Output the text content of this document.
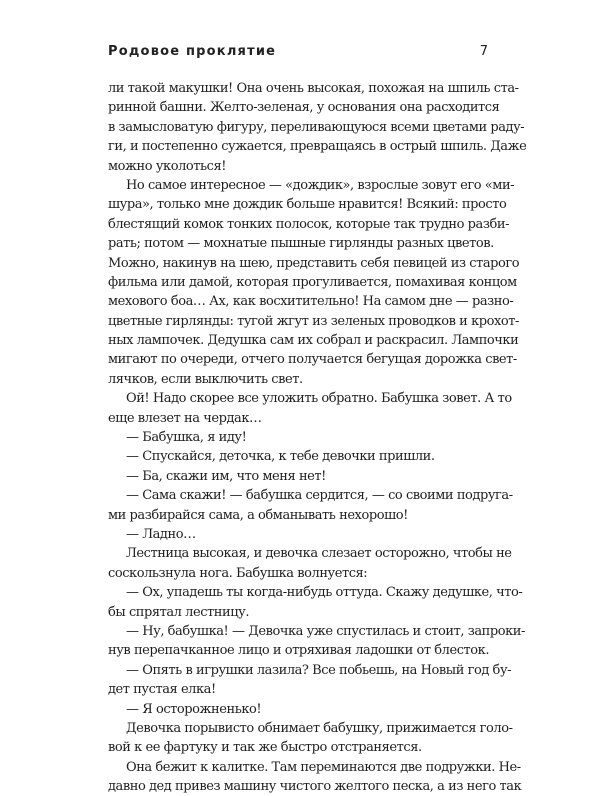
Родовое проклятие	7
ли такой макушки! Она очень высокая, похожая на шпиль ста-
ринной башни. Желто-зеленая, у основания она расходится
в замысловатую фигуру, переливающуюся всеми цветами раду-
ги, и постепенно сужается, превращаясь в острый шпиль. Даже
можно уколоться!
Но самое интересное — «дождик», взрослые зовут его «ми-
шура», только мне дождик больше нравится! Всякий: просто
блестящий комок тонких полосок, которые так трудно разби-
рать; потом — мохнатые пышные гирлянды разных цветов.
Можно, накинув на шею, представить себя певицей из старого
фильма или дамой, которая прогуливается, помахивая концом
мехового боа… Ах, как восхитительно! На самом дне — разно-
цветные гирлянды: тугой жгут из зеленых проводков и крохот-
ных лампочек. Дедушка сам их собрал и раскрасил. Лампочки
мигают по очереди, отчего получается бегущая дорожка свет-
лячков, если выключить свет.
Ой! Надо скорее все уложить обратно. Бабушка зовет. А то
еще влезет на чердак…
— Бабушка, я иду!
— Спускайся, деточка, к тебе девочки пришли.
— Ба, скажи им, что меня нет!
— Сама скажи! — бабушка сердится, — со своими подруга-
ми разбирайся сама, а обманывать нехорошо!
— Ладно…
Лестница высокая, и девочка слезает осторожно, чтобы не
соскользнула нога. Бабушка волнуется:
— Ох, упадешь ты когда-нибудь оттуда. Скажу дедушке, что-
бы спрятал лестницу.
— Ну, бабушка! — Девочка уже спустилась и стоит, запроки-
нув перепачканное лицо и отряхивая ладошки от блесток.
— Опять в игрушки лазила? Все побьешь, на Новый год бу-
дет пустая елка!
— Я осторожненько!
Девочка порывисто обнимает бабушку, прижимается голо-
вой к ее фартуку и так же быстро отстраняется.
Она бежит к калитке. Там переминаются две подружки. Не-
давно дед привез машину чистого желтого песка, а из него так
